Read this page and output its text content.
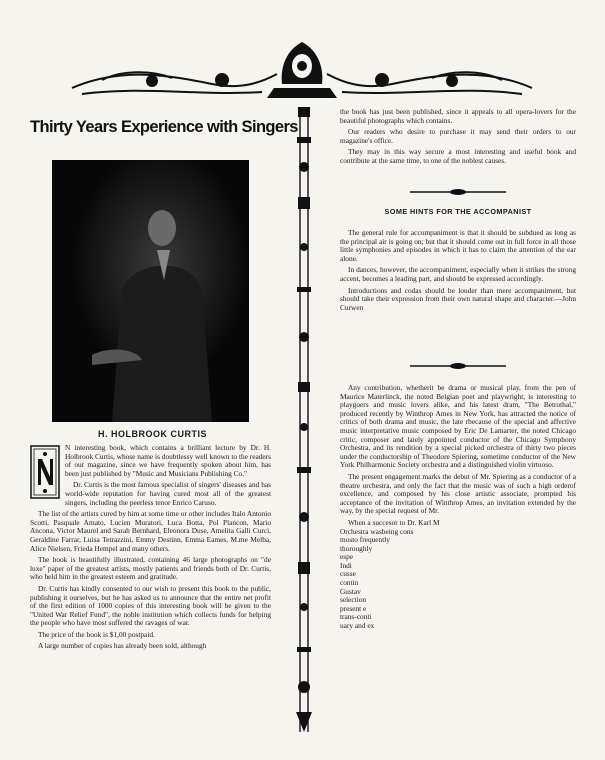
Thirty Years Experience with Singers
H. HOLBROOK CURTIS

N interesting book, which contains a brilliant lecture by Dr. H. Holbrook Curtis, whose name is doubtlessy well known to the readers of our magazine, since we have frequently spoken about him, has been just published by "Music and Musicians Publishing Co."

Dr. Curtis is the most famous specialist of singers' diseases and has world-wide reputation for having cured most all of the greatest singers, including the peerless tenor Enrico Caruso.

The list of the artists cured by him at some time or other includes Italo Antonio Scotti, Pasquale Amato, Lucien Muratori, Luca Botta, Pol Plancon, Mario Ancona, Victor Maurel and Sarah Bernhard, Eleonora Duse, Amelita Galli Curci, Geraldine Farrar, Luisa Tetrazzini, Emmy Destinn, Emma Eames, M.me Melba, Alice Nielsen, Frieda Hempel and many others.

The book is beautifully illustrated, containing 46 large photographs on "de luxe" paper of the greatest artists, mostly patients and friends both of Dr. Curtis, who held him in the greatest esteem and gratitude.

Dr. Curtis has kindly consented to our wish to present this book to the public, publishing it ourselves, but he has asked us to announce that the entire net profit of the first edition of 1000 copies of this interesting book will be given to the "United War Relief Fund", the noble institution which collects funds for helping the people who have most suffered the ravages of war.

The price of the book is $1,00 postpaid.

A large number of copies has already been sold, although

the book has just been published, since it appeals to all opera-lovers for the beautiful photographs which contains.

Our readers who desire to purchase it may send their orders to our magazine's office.

They may in this way secure a most interesting and useful book and contribute at the same time, to one of the noblest causes.

SOME HINTS FOR THE ACCOMPANIST

The general rule for accompaniment is that it should be subdued as long as the principal air is going on; but that it should come out in full force in all those little symphonies and episodes in which it has to claim the attention of the ear alone.

In dances, however, the accompaniment, especially when it strikes the strong accent, becomes a leading part, and should be expressed accordingly.

Introductions and codas should be louder than mere accompaniment, but should take their expression from their own natural shape and character.—John Curwen

Any contribution, whetherit be drama or musical play, from the pen of Maurice Materlinck, the noted Belgian poet and playwright, is interesting to playgoers and music lovers alike, and his latest dram, "The Betrothal," produced recently by Winthrop Ames in New York, has attracted the notice of critics of both drama and music, the late rbecause of the special and affective music interpretative music composed by Eric De Lamarter, the noted Chicago critic, composer and lately appointed conductor of the Chicago Symphony Orchestra, and its rendition by a special picked orchestra of thirty two pieces under the conductorship of Theodore Spiering, sometime conductor of the New York Philharmonic Society orchestra and a distinguished violin virtuoso.

The present engagement marks the debut of Mr. Spiering as a conductor of a theatre orchestra, and only the fact that the music was of such a high orderof excellence, and composed by his close artistic associate, prompted his acceptance of the invitation of Winthrop Ames, an invitation extended by the way, by the special request of Mr.

When a succesor to Dr. Karl M
Orchestra wasbeing cons
mosto frequently
thoroughly
espe
Indi
cusse
contin
Gustav
selection
present e
trans-conti
uary and ex
